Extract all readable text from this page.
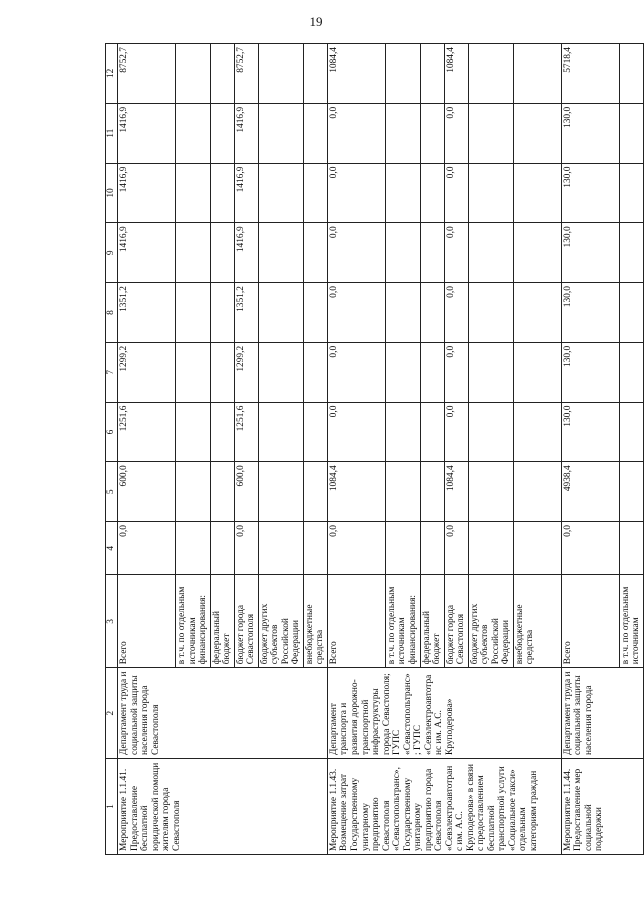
19
1	2	3	4	5	6	7	8	9	10	11	12
Мероприятие 1.1.41. Предоставление бесплатной юридической помощи жителям города Севастополя	Департамент труда и социальной защиты населения города Севастополя	Всего	0,0	600,0	1251,6	1299,2	1351,2	1416,9	1416,9	1416,9	8752,7
		в т.ч. по отдельным источникам финансирования:									
		федеральный бюджет									
		бюджет города Севастополя	0,0	600,0	1251,6	1299,2	1351,2	1416,9	1416,9	1416,9	8752,7
		бюджет других субъектов Российской Федерации									
		внебюджетные средства									
Мероприятие 1.1.43. Возмещение затрат Государственному унитарному предприятию Севастополя «Севастопольтранс», Государственному унитарному предприятию города Севастополя «Севэлектроавтотранс им. А.С. Круподерова» в связи с предоставлением бесплатной транспортной услуги «Социальное такси» отдельным категориям граждан	Департамент транспорта и развития дорожно-транспортной инфраструктуры города Севастополя; ГУПС «Севастопольтранс»; ГУПС «Севэлектроавтотранс им. А.С. Круподерова»	Всего	0,0	1084,4	0,0	0,0	0,0	0,0	0,0	0,0	1084,4
		в т.ч. по отдельным источникам финансирования:									
		федеральный бюджет									
		бюджет города Севастополя	0,0	1084,4	0,0	0,0	0,0	0,0	0,0	0,0	1084,4
		бюджет других субъектов Российской Федерации									
		внебюджетные средства									
Мероприятие 1.1.44. Предоставление мер социальной поддержки	Департамент труда и социальной защиты населения города	Всего	0,0	4938,4	130,0	130,0	130,0	130,0	130,0	130,0	5718,4
		в т.ч. по отдельным источникам									
